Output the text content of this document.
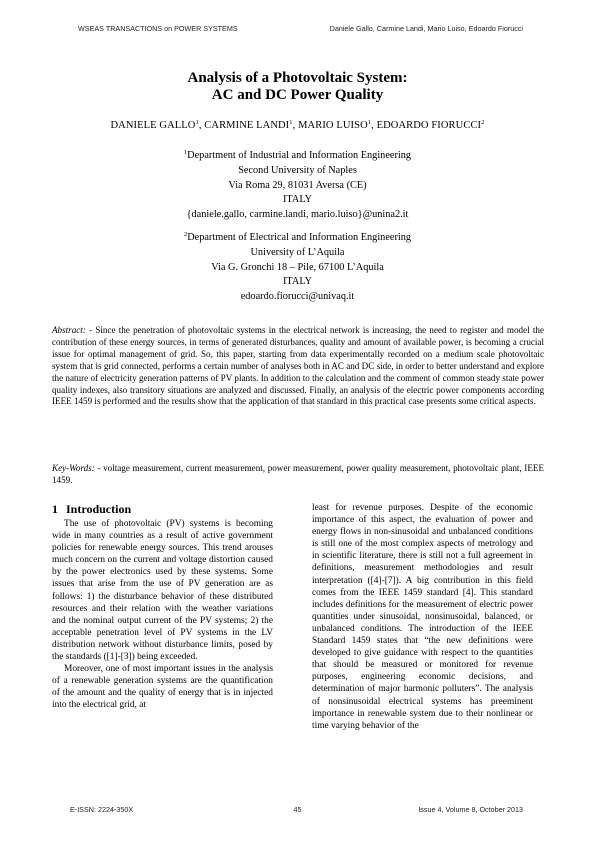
WSEAS TRANSACTIONS on POWER SYSTEMS	Daniele Gallo, Carmine Landi, Mario Luiso, Edoardo Fiorucci
Analysis of a Photovoltaic System:
AC and DC Power Quality
DANIELE GALLO$^1$, CARMINE LANDI$^1$, MARIO LUISO$^1$, EDOARDO FIORUCCI$^2$
$^1$Department of Industrial and Information Engineering
Second University of Naples
Via Roma 29, 81031 Aversa (CE)
ITALY
{daniele.gallo, carmine.landi, mario.luiso}@unina2.it
$^2$Department of Electrical and Information Engineering
University of L’Aquila
Via G. Gronchi 18 – Pile, 67100 L’Aquila
ITALY
edoardo.fiorucci@univaq.it
Abstract: - Since the penetration of photovoltaic systems in the electrical network is increasing, the need to register and model the contribution of these energy sources, in terms of generated disturbances, quality and amount of available power, is becoming a crucial issue for optimal management of grid. So, this paper, starting from data experimentally recorded on a medium scale photovoltaic system that is grid connected, performs a certain number of analyses both in AC and DC side, in order to better understand and explore the nature of electricity generation patterns of PV plants. In addition to the calculation and the comment of common steady state power quality indexes, also transitory situations are analyzed and discussed. Finally, an analysis of the electric power components according IEEE 1459 is performed and the results show that the application of that standard in this practical case presents some critical aspects.
Key-Words: - voltage measurement, current measurement, power measurement, power quality measurement, photovoltaic plant, IEEE 1459.
1 Introduction

The use of photovoltaic (PV) systems is becoming wide in many countries as a result of active government policies for renewable energy sources. This trend arouses much concern on the current and voltage distortion caused by the power electronics used by these systems. Some issues that arise from the use of PV generation are as follows: 1) the disturbance behavior of these distributed resources and their relation with the weather variations and the nominal output current of the PV systems; 2) the acceptable penetration level of PV systems in the LV distribution network without disturbance limits, posed by the standards ([1]-[3]) being exceeded.

Moreover, one of most important issues in the analysis of a renewable generation systems are the quantification of the amount and the quality of energy that is in injected into the electrical grid, at

least for revenue purposes. Despite of the economic importance of this aspect, the evaluation of power and energy flows in non-sinusoidal and unbalanced conditions is still one of the most complex aspects of metrology and in scientific literature, there is still not a full agreement in definitions, measurement methodologies and result interpretation ([4]-[7]). A big contribution in this field comes from the IEEE 1459 standard [4]. This standard includes definitions for the measurement of electric power quantities under sinusoidal, nonsinusoidal, balanced, or unbalanced conditions. The introduction of the IEEE Standard 1459 states that “the new definitions were developed to give guidance with respect to the quantities that should be measured or monitored for revenue purposes, engineering economic decisions, and determination of major harmonic polluters”. The analysis of nonsinusoidal electrical systems has preeminent importance in renewable system due to their nonlinear or time varying behavior of the

E-ISSN: 2224-350X	45	Issue 4, Volume 8, October 2013
